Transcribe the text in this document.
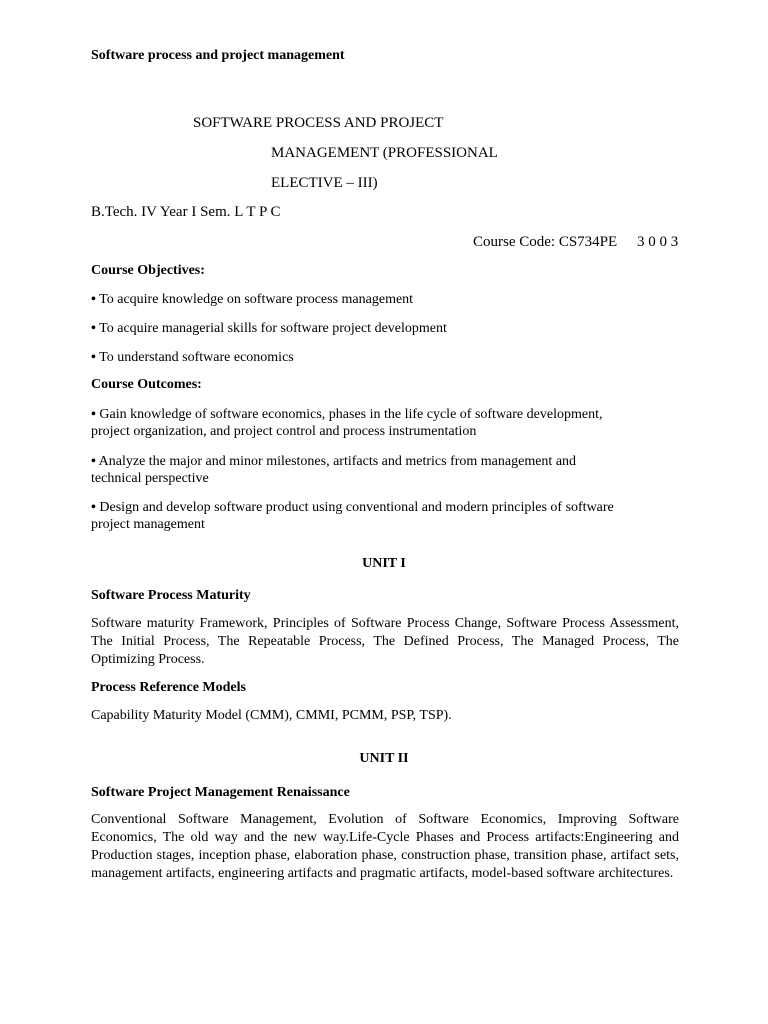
Software process and project management
SOFTWARE PROCESS AND PROJECT
MANAGEMENT (PROFESSIONAL
ELECTIVE – III)
B.Tech. IV Year I Sem. L T P C
Course Code: CS734PE 3 0 0 3
Course Objectives:
• To acquire knowledge on software process management
• To acquire managerial skills for software project development
• To understand software economics
Course Outcomes:
• Gain knowledge of software economics, phases in the life cycle of software development, project organization, and project control and process instrumentation
• Analyze the major and minor milestones, artifacts and metrics from management and technical perspective
• Design and develop software product using conventional and modern principles of software project management
UNIT I
Software Process Maturity
Software maturity Framework, Principles of Software Process Change, Software Process Assessment, The Initial Process, The Repeatable Process, The Defined Process, The Managed Process, The Optimizing Process.
Process Reference Models
Capability Maturity Model (CMM), CMMI, PCMM, PSP, TSP).
UNIT II
Software Project Management Renaissance
Conventional Software Management, Evolution of Software Economics, Improving Software Economics, The old way and the new way.Life-Cycle Phases and Process artifacts:Engineering and Production stages, inception phase, elaboration phase, construction phase, transition phase, artifact sets, management artifacts, engineering artifacts and pragmatic artifacts, model-based software architectures.
